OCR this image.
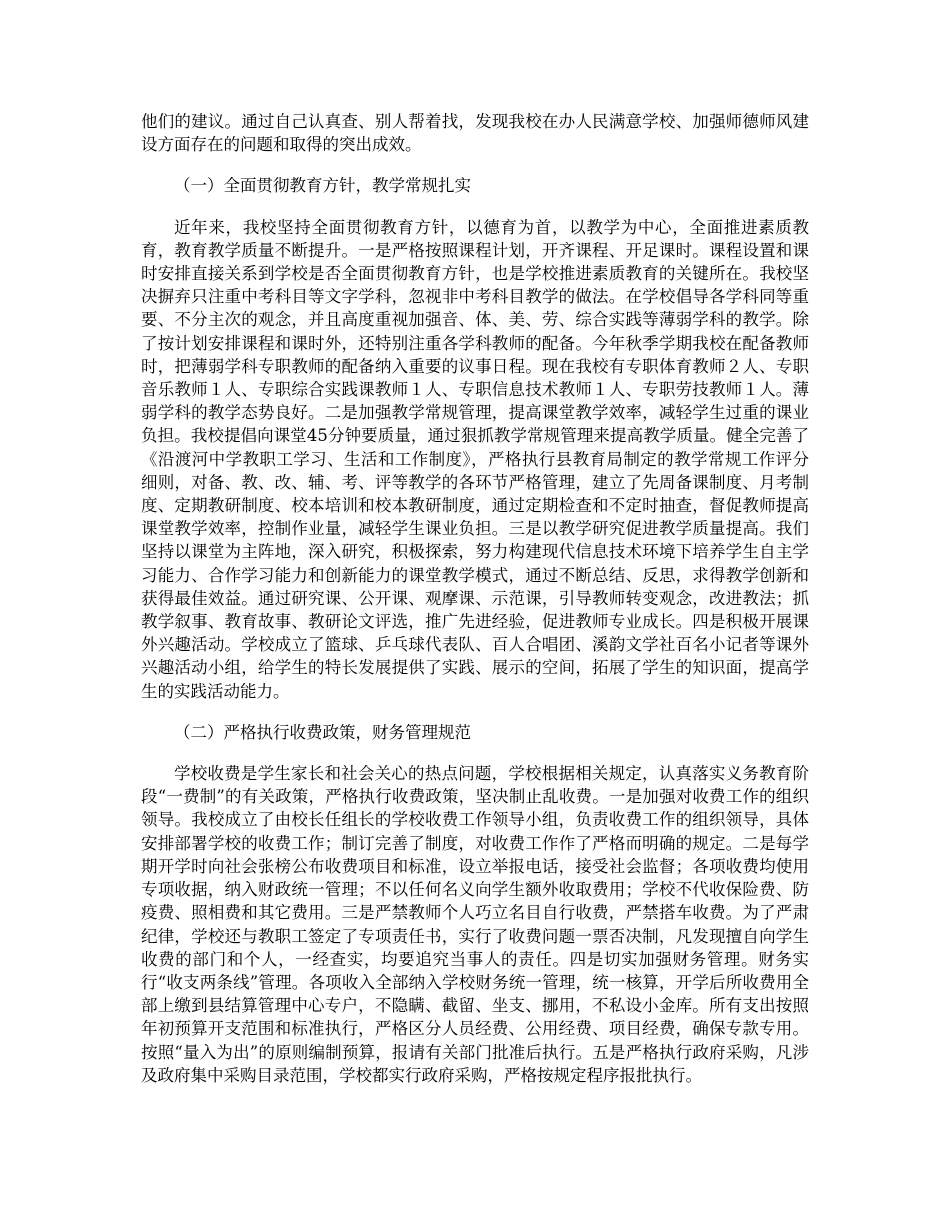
他们的建议。通过自己认真查、别人帮着找，发现我校在办人民满意学校、加强师德师风建设方面存在的问题和取得的突出成效。

（一）全面贯彻教育方针，教学常规扎实

近年来，我校坚持全面贯彻教育方针，以德育为首，以教学为中心，全面推进素质教育，教育教学质量不断提升。一是严格按照课程计划，开齐课程、开足课时。课程设置和课时安排直接关系到学校是否全面贯彻教育方针，也是学校推进素质教育的关键所在。我校坚决摒弃只注重中考科目等文字学科，忽视非中考科目教学的做法。在学校倡导各学科同等重要、不分主次的观念，并且高度重视加强音、体、美、劳、综合实践等薄弱学科的教学。除了按计划安排课程和课时外，还特别注重各学科教师的配备。今年秋季学期我校在配备教师时，把薄弱学科专职教师的配备纳入重要的议事日程。现在我校有专职体育教师２人、专职音乐教师１人、专职综合实践课教师１人、专职信息技术教师１人、专职劳技教师１人。薄弱学科的教学态势良好。二是加强教学常规管理，提高课堂教学效率，减轻学生过重的课业负担。我校提倡向课堂45分钟要质量，通过狠抓教学常规管理来提高教学质量。健全完善了《沿渡河中学教职工学习、生活和工作制度》，严格执行县教育局制定的教学常规工作评分细则，对备、教、改、辅、考、评等教学的各环节严格管理，建立了先周备课制度、月考制度、定期教研制度、校本培训和校本教研制度，通过定期检查和不定时抽查，督促教师提高课堂教学效率，控制作业量，减轻学生课业负担。三是以教学研究促进教学质量提高。我们坚持以课堂为主阵地，深入研究，积极探索，努力构建现代信息技术环境下培养学生自主学习能力、合作学习能力和创新能力的课堂教学模式，通过不断总结、反思，求得教学创新和获得最佳效益。通过研究课、公开课、观摩课、示范课，引导教师转变观念，改进教法；抓教学叙事、教育故事、教研论文评选，推广先进经验，促进教师专业成长。四是积极开展课外兴趣活动。学校成立了篮球、乒乓球代表队、百人合唱团、溪韵文学社百名小记者等课外兴趣活动小组，给学生的特长发展提供了实践、展示的空间，拓展了学生的知识面，提高学生的实践活动能力。

（二）严格执行收费政策，财务管理规范

学校收费是学生家长和社会关心的热点问题，学校根据相关规定，认真落实义务教育阶段“一费制”的有关政策，严格执行收费政策，坚决制止乱收费。一是加强对收费工作的组织领导。我校成立了由校长任组长的学校收费工作领导小组，负责收费工作的组织领导，具体安排部署学校的收费工作；制订完善了制度，对收费工作作了严格而明确的规定。二是每学期开学时向社会张榜公布收费项目和标准，设立举报电话，接受社会监督；各项收费均使用专项收据，纳入财政统一管理；不以任何名义向学生额外收取费用；学校不代收保险费、防疫费、照相费和其它费用。三是严禁教师个人巧立名目自行收费，严禁搭车收费。为了严肃纪律，学校还与教职工签定了专项责任书，实行了收费问题一票否决制，凡发现擅自向学生收费的部门和个人，一经查实，均要追究当事人的责任。四是切实加强财务管理。财务实行“收支两条线”管理。各项收入全部纳入学校财务统一管理，统一核算，开学后所收费用全部上缴到县结算管理中心专户，不隐瞒、截留、坐支、挪用，不私设小金库。所有支出按照年初预算开支范围和标准执行，严格区分人员经费、公用经费、项目经费，确保专款专用。按照“量入为出”的原则编制预算，报请有关部门批准后执行。五是严格执行政府采购，凡涉及政府集中采购目录范围，学校都实行政府采购，严格按规定程序报批执行。
